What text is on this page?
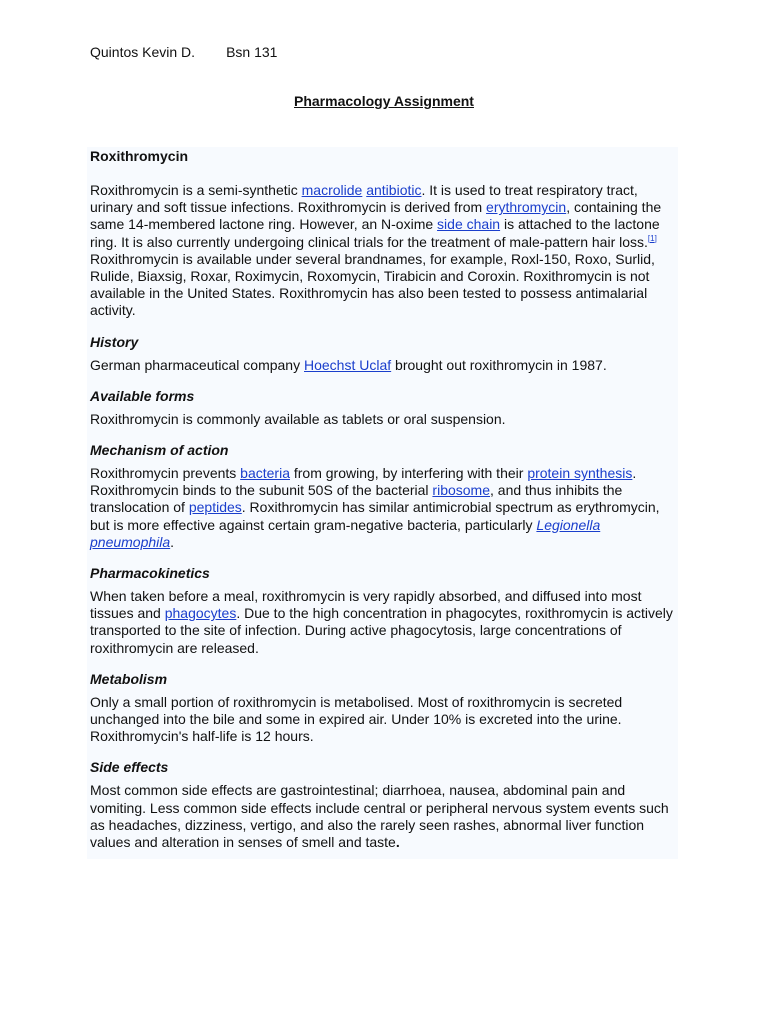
Quintos Kevin D. Bsn 131
Pharmacology Assignment

Roxithromycin

Roxithromycin is a semi-synthetic macrolide antibiotic. It is used to treat respiratory tract, urinary and soft tissue infections. Roxithromycin is derived from erythromycin, containing the same 14-membered lactone ring. However, an N-oxime side chain is attached to the lactone ring. It is also currently undergoing clinical trials for the treatment of male-pattern hair loss.[1]

Roxithromycin is available under several brandnames, for example, Roxl-150, Roxo, Surlid, Rulide, Biaxsig, Roxar, Roximycin, Roxomycin, Tirabicin and Coroxin. Roxithromycin is not available in the United States. Roxithromycin has also been tested to possess antimalarial activity.

History

German pharmaceutical company Hoechst Uclaf brought out roxithromycin in 1987.

Available forms

Roxithromycin is commonly available as tablets or oral suspension.

Mechanism of action

Roxithromycin prevents bacteria from growing, by interfering with their protein synthesis. Roxithromycin binds to the subunit 50S of the bacterial ribosome, and thus inhibits the translocation of peptides. Roxithromycin has similar antimicrobial spectrum as erythromycin, but is more effective against certain gram-negative bacteria, particularly Legionella pneumophila.

Pharmacokinetics

When taken before a meal, roxithromycin is very rapidly absorbed, and diffused into most tissues and phagocytes. Due to the high concentration in phagocytes, roxithromycin is actively transported to the site of infection. During active phagocytosis, large concentrations of roxithromycin are released.

Metabolism

Only a small portion of roxithromycin is metabolised. Most of roxithromycin is secreted unchanged into the bile and some in expired air. Under 10% is excreted into the urine. Roxithromycin's half-life is 12 hours.

Side effects

Most common side effects are gastrointestinal; diarrhoea, nausea, abdominal pain and vomiting. Less common side effects include central or peripheral nervous system events such as headaches, dizziness, vertigo, and also the rarely seen rashes, abnormal liver function values and alteration in senses of smell and taste.
